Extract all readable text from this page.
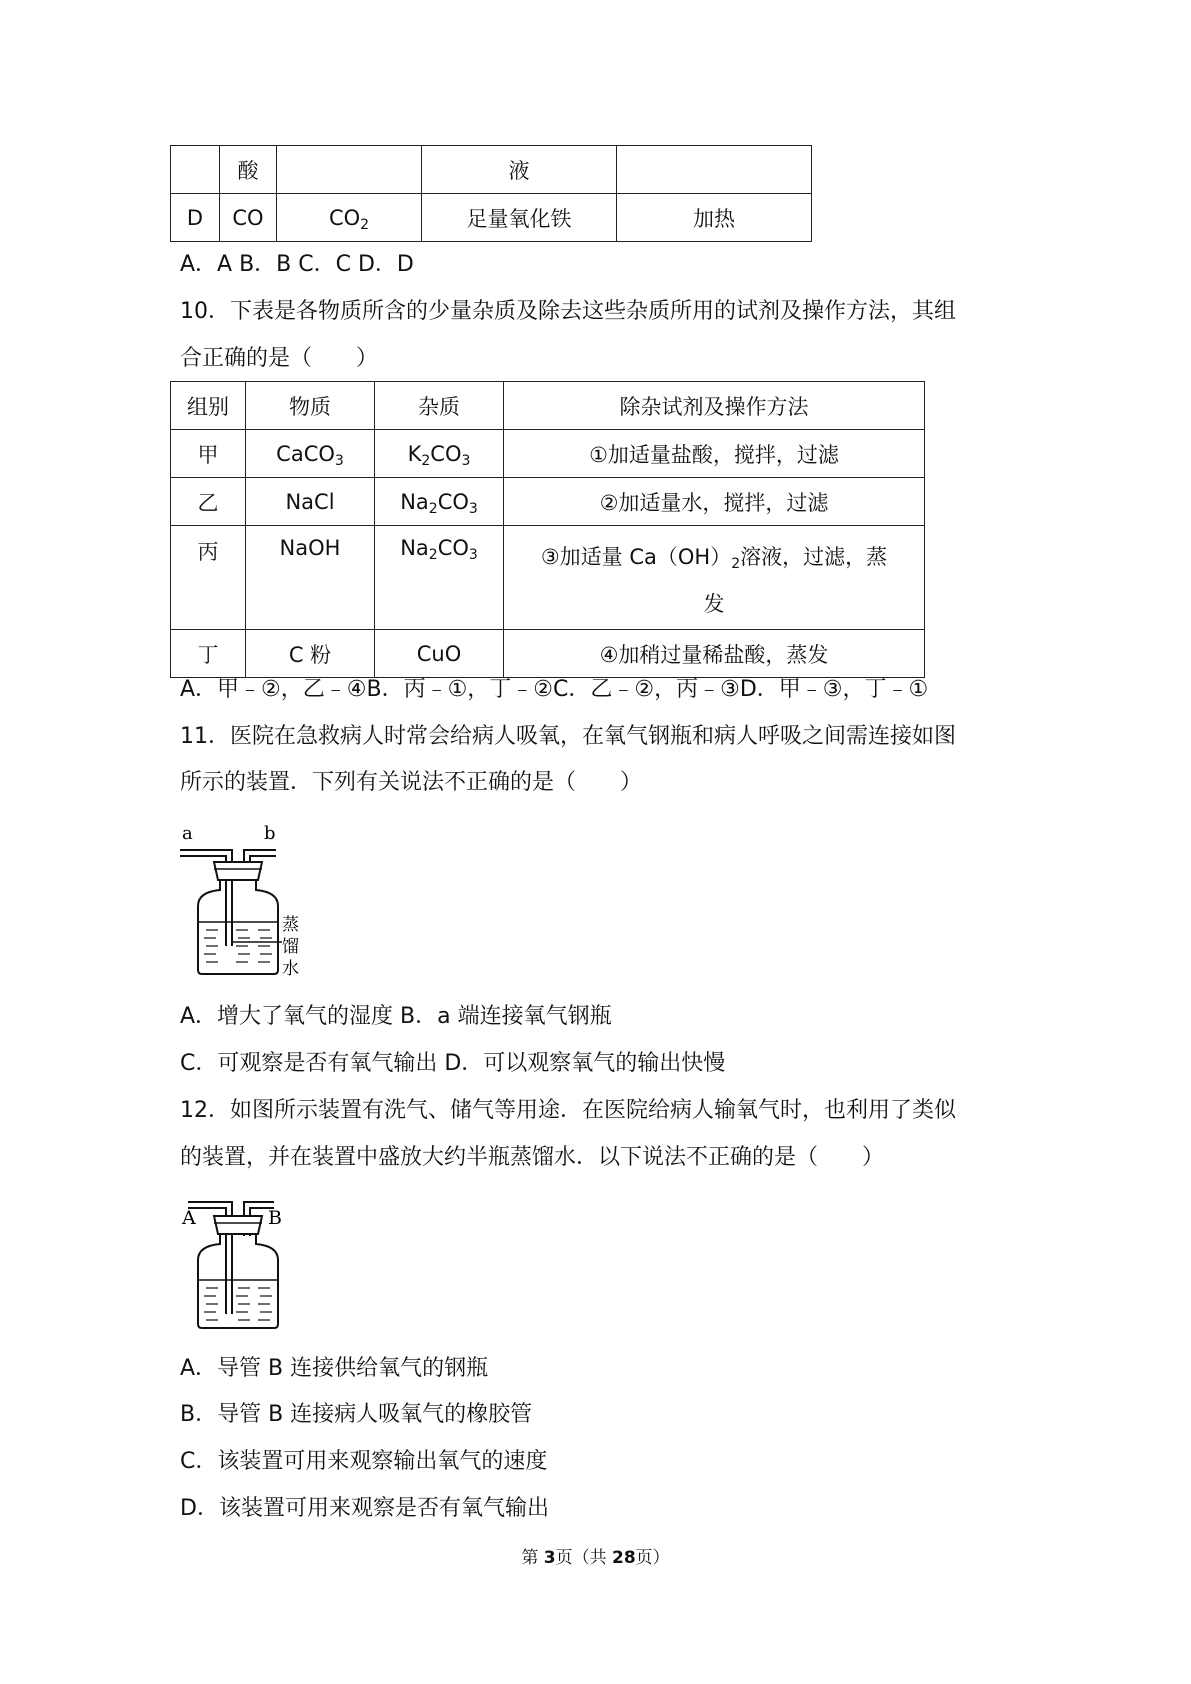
	酸		液	
D	CO	$CO_2$	足量氧化铁	加热
A．A B．B C．C D．D
10．下表是各物质所含的少量杂质及除去这些杂质所用的试剂及操作方法，其组
合正确的是（　　）
组别	物质	杂质	除杂试剂及操作方法
甲	CaCO$_3$	$K_2CO_3$	①加适量盐酸，搅拌，过滤
乙	NaCl	$Na_2CO_3$	②加适量水，搅拌，过滤
丙	NaOH	$Na_2CO_3$	③加适量 $Ca(OH)_2$溶液，过滤，蒸
发

丁	C 粉	CuO	④加稍过量稀盐酸，蒸发
A．甲﹣②，乙﹣④B．丙﹣①，丁﹣②C．乙﹣②，丙﹣③D．甲﹣③，丁﹣①
11．医院在急救病人时常会给病人吸氧，在氧气钢瓶和病人呼吸之间需连接如图
所示的装置．下列有关说法不正确的是（　　）
a	b
蒸
馏
水
A．增大了氧气的湿度 B．a 端连接氧气钢瓶
C．可观察是否有氧气输出 D．可以观察氧气的输出快慢
12．如图所示装置有洗气、储气等用途．在医院给病人输氧气时，也利用了类似
的装置，并在装置中盛放大约半瓶蒸馏水．以下说法不正确的是（　　）
A	B
A．导管 B 连接供给氧气的钢瓶
B．导管 B 连接病人吸氧气的橡胶管
C．该装置可用来观察输出氧气的速度
D．该装置可用来观察是否有氧气输出
第 3页（共 28页）
